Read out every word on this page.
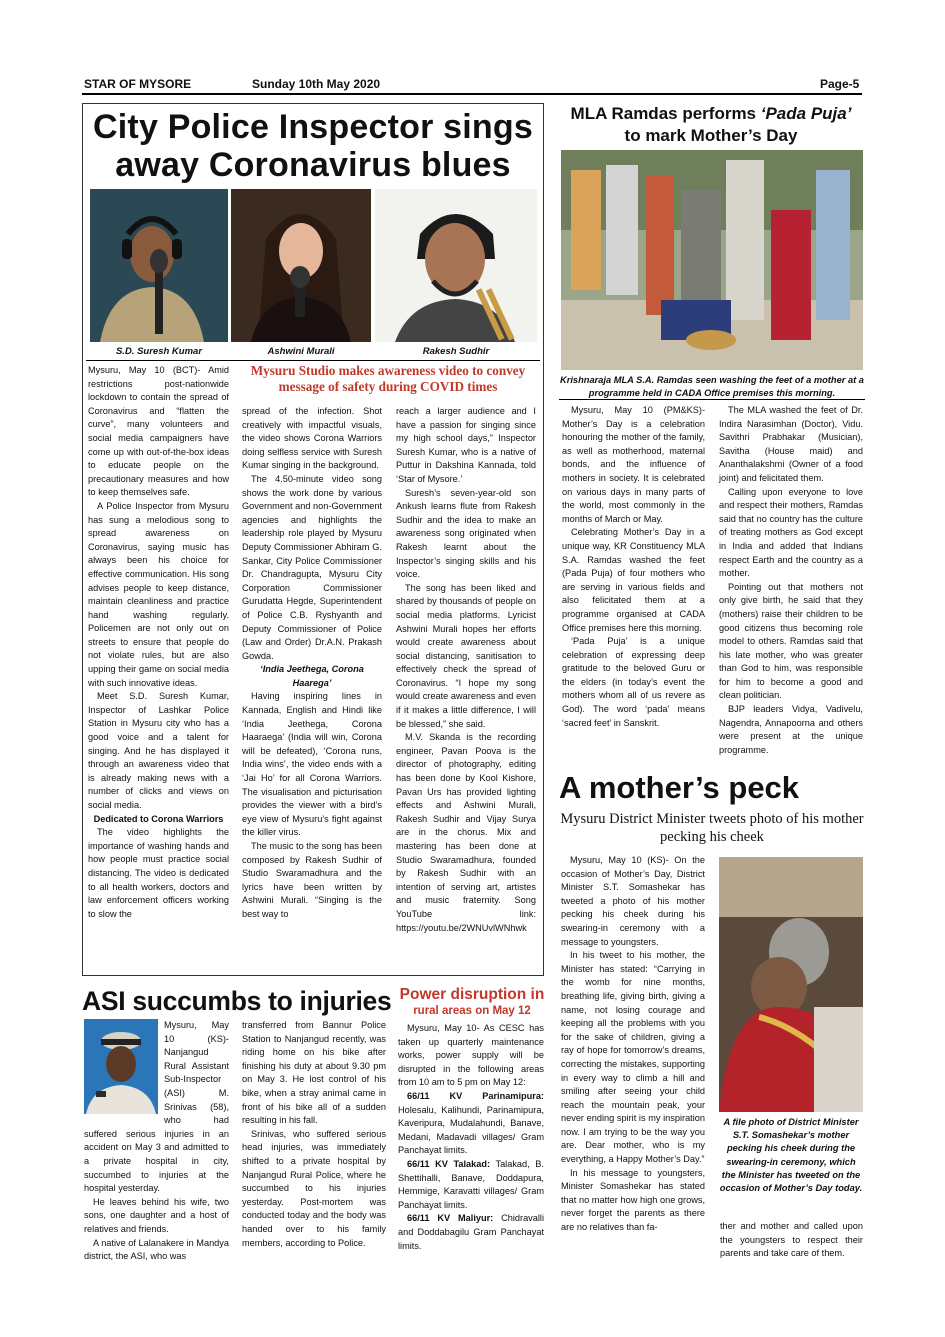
STAR OF MYSORE	Sunday 10th May 2020	Page-5
City Police Inspector sings away Coronavirus blues
S.D. Suresh Kumar	Ashwini Murali	Rakesh Sudhir

Mysuru, May 10 (BCT)- Amid restrictions post-nationwide lockdown to contain the spread of Coronavirus and “flatten the curve”, many volunteers and social media campaigners have come up with out-of-the-box ideas to educate people on the precautionary measures and how to keep themselves safe.

A Police Inspector from Mysuru has sung a melodious song to spread awareness on Coronavirus, saying music has always been his choice for effective communication. His song advises people to keep distance, maintain cleanliness and practice hand washing regularly. Policemen are not only out on streets to ensure that people do not violate rules, but are also upping their game on social media with such innovative ideas.

Meet S.D. Suresh Kumar, Inspector of Lashkar Police Station in Mysuru city who has a good voice and a talent for singing. And he has displayed it through an awareness video that is already making news with a number of clicks and views on social media.

Dedicated to Corona Warriors

The video highlights the importance of washing hands and how people must practice social distancing. The video is dedicated to all health workers, doctors and law enforcement officers working to slow the

Mysuru Studio makes awareness video to convey message of safety during COVID times

spread of the infection. Shot creatively with impactful visuals, the video shows Corona Warriors doing selfless service with Suresh Kumar singing in the background.

The 4.50-minute video song shows the work done by various Government and non-Government agencies and highlights the leadership role played by Mysuru Deputy Commissioner Abhiram G. Sankar, City Police Commissioner Dr. Chandragupta, Mysuru City Corporation Commissioner Gurudatta Hegde, Superintendent of Police C.B. Ryshyanth and Deputy Commissioner of Police (Law and Order) Dr.A.N. Prakash Gowda.

‘India Jeethega, Corona Haarega’

Having inspiring lines in Kannada, English and Hindi like ‘India Jeethega, Corona Haaraega’ (India will win, Corona will be defeated), ‘Corona runs, India wins’, the video ends with a ‘Jai Ho’ for all Corona Warriors. The visualisation and picturisation provides the viewer with a bird’s eye view of Mysuru’s fight against the killer virus.

The music to the song has been composed by Rakesh Sudhir of Studio Swaramadhura and the lyrics have been written by Ashwini Murali. “Singing is the best way to

reach a larger audience and I have a passion for singing since my high school days,” Inspector Suresh Kumar, who is a native of Puttur in Dakshina Kannada, told ‘Star of Mysore.’

Suresh’s seven-year-old son Ankush learns flute from Rakesh Sudhir and the idea to make an awareness song originated when Rakesh learnt about the Inspector’s singing skills and his voice.

The song has been liked and shared by thousands of people on social media platforms. Lyricist Ashwini Murali hopes her efforts would create awareness about social distancing, sanitisation to effectively check the spread of Coronavirus. “I hope my song would create awareness and even if it makes a little difference, I will be blessed,” she said.

M.V. Skanda is the recording engineer, Pavan Poova is the director of photography, editing has been done by Kool Kishore, Pavan Urs has provided lighting effects and Ashwini Murali, Rakesh Sudhir and Vijay Surya are in the chorus. Mix and mastering has been done at Studio Swaramadhura, founded by Rakesh Sudhir with an intention of serving art, artistes and music fraternity. Song YouTube link: https://youtu.be/2WNUvlWNhwk

MLA Ramdas performs ‘Pada Puja’
to mark Mother’s Day
Krishnaraja MLA S.A. Ramdas seen washing the feet of a mother at a programme held in CADA Office premises this morning.

Mysuru, May 10 (PM&KS)- Mother’s Day is a celebration honouring the mother of the family, as well as motherhood, maternal bonds, and the influence of mothers in society. It is celebrated on various days in many parts of the world, most commonly in the months of March or May.

Celebrating Mother’s Day in a unique way, KR Constituency MLA S.A. Ramdas washed the feet (Pada Puja) of four mothers who are serving in various fields and also felicitated them at a programme organised at CADA Office premises here this morning.

‘Pada Puja’ is a unique celebration of expressing deep gratitude to the beloved Guru or the elders (in today’s event the mothers whom all of us revere as God). The word ‘pada’ means ‘sacred feet’ in Sanskrit.

The MLA washed the feet of Dr. Indira Narasimhan (Doctor), Vidu. Savithri Prabhakar (Musician), Savitha (House maid) and Ananthalakshmi (Owner of a food joint) and felicitated them.

Calling upon everyone to love and respect their mothers, Ramdas said that no country has the culture of treating mothers as God except in India and added that Indians respect Earth and the country as a mother.

Pointing out that mothers not only give birth, he said that they (mothers) raise their children to be good citizens thus becoming role model to others. Ramdas said that his late mother, who was greater than God to him, was responsible for him to become a good and clean politician.

BJP leaders Vidya, Vadivelu, Nagendra, Annapoorna and others were present at the unique programme.

A mother’s peck
Mysuru District Minister tweets photo of his mother pecking his cheek

Mysuru, May 10 (KS)- On the occasion of Mother’s Day, District Minister S.T. Somashekar has tweeted a photo of his mother pecking his cheek during his swearing-in ceremony with a message to youngsters.

In his tweet to his mother, the Minister has stated: “Carrying in the womb for nine months, breathing life, giving birth, giving a name, not losing courage and keeping all the problems with you for the sake of children, giving a ray of hope for tomorrow’s dreams, correcting the mistakes, supporting in every way to climb a hill and smiling after seeing your child reach the mountain peak, your never ending spirit is my inspiration now. I am trying to be the way you are. Dear mother, who is my everything, a Happy Mother’s Day.”

In his message to youngsters, Minister Somashekar has stated that no matter how high one grows, never forget the parents as there are no relatives than fa-

A file photo of District Minister S.T. Somashekar’s mother pecking his cheek during the swearing-in ceremony, which the Minister has tweeted on the occasion of Mother’s Day today.

ther and mother and called upon the youngsters to respect their parents and take care of them.

ASI succumbs to injuries

Mysuru, May 10 (KS)- Nanjangud Rural Assistant Sub-Inspector (ASI) M. Srinivas (58), who had suffered serious injuries in an accident on May 3 and admitted to a private hospital in city, succumbed to injuries at the hospital yesterday.

He leaves behind his wife, two sons, one daughter and a host of relatives and friends.

A native of Lalanakere in Mandya district, the ASI, who was

transferred from Bannur Police Station to Nanjangud recently, was riding home on his bike after finishing his duty at about 9.30 pm on May 3. He lost control of his bike, when a stray animal came in front of his bike all of a sudden resulting in his fall.

Srinivas, who suffered serious head injuries, was immediately shifted to a private hospital by Nanjangud Rural Police, where he succumbed to his injuries yesterday. Post-mortem was conducted today and the body was handed over to his family members, according to Police.

Power disruption in
rural areas on May 12

Mysuru, May 10- As CESC has taken up quarterly maintenance works, power supply will be disrupted in the following areas from 10 am to 5 pm on May 12:

66/11 KV Parinamipura: Holesalu, Kalihundi, Parinamipura, Kaveripura, Mudalahundi, Banave, Medani, Madavadi villages/ Gram Panchayat limits.

66/11 KV Talakad: Talakad, B. Shettihalli, Banave, Doddapura, Hemmige, Karavatti villages/ Gram Panchayat limits.

66/11 KV Maliyur: Chidravalli and Doddabagilu Gram Panchayat limits.
